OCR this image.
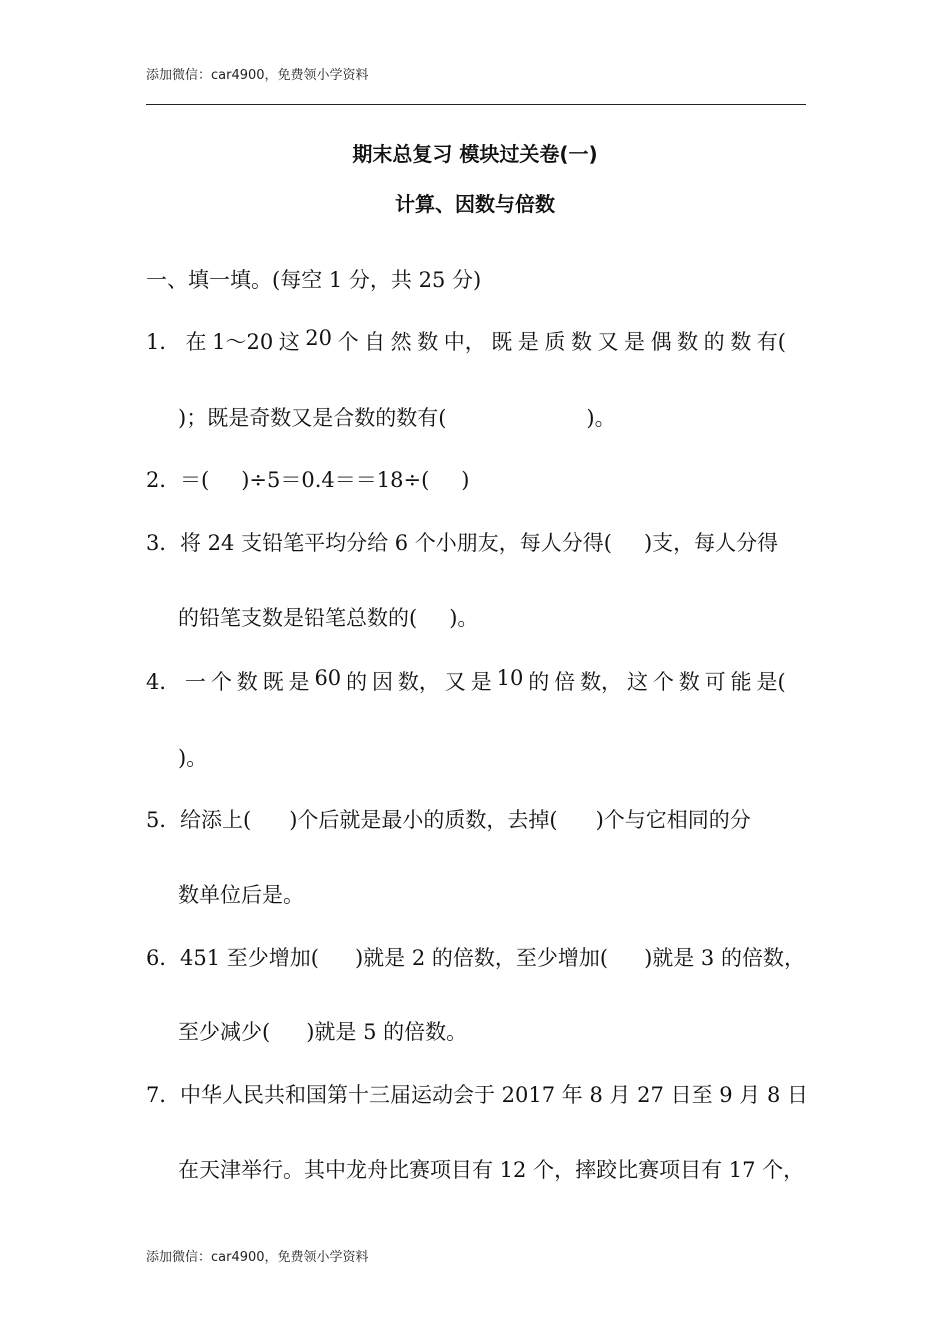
添加微信：car4900，免费领小学资料
期末总复习 模块过关卷(一)
计算、因数与倍数
一、填一填。(每空 1 分，共 25 分)
1． 在 1～20 这 20 个 自 然 数 中， 既 是 质 数 又 是 偶 数 的 数 有(
)；既是奇数又是合数的数有(	)。
2．＝( )÷5＝0.4＝＝18÷( )
3．将 24 支铅笔平均分给 6 个小朋友，每人分得( )支，每人分得
的铅笔支数是铅笔总数的( )。
4． 一 个 数 既 是 60 的 因 数， 又 是 10 的 倍 数， 这 个 数 可 能 是(
)。
5．给添上( )个后就是最小的质数，去掉( )个与它相同的分
数单位后是。
6．451 至少增加( )就是 2 的倍数，至少增加( )就是 3 的倍数，
至少减少( )就是 5 的倍数。
7．中华人民共和国第十三届运动会于 2017 年 8 月 27 日至 9 月 8 日
在天津举行。其中龙舟比赛项目有 12 个，摔跤比赛项目有 17 个，
添加微信：car4900，免费领小学资料
